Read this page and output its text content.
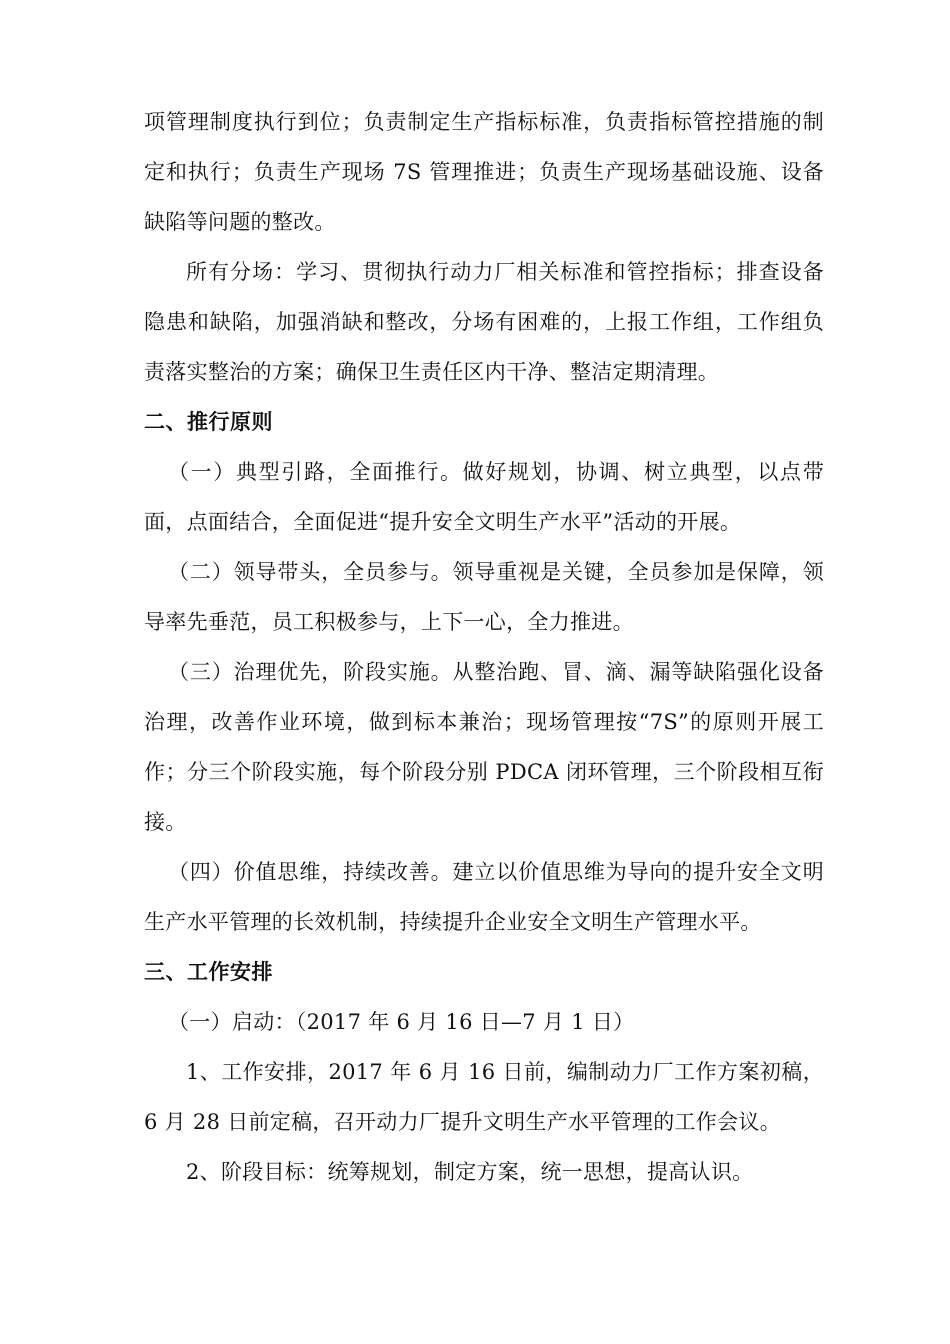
项管理制度执行到位；负责制定生产指标标准，负责指标管控措施的制定和执行；负责生产现场 7S 管理推进；负责生产现场基础设施、设备缺陷等问题的整改。

所有分场：学习、贯彻执行动力厂相关标准和管控指标；排查设备隐患和缺陷，加强消缺和整改，分场有困难的，上报工作组，工作组负责落实整治的方案；确保卫生责任区内干净、整洁定期清理。

二、推行原则

（一）典型引路，全面推行。做好规划，协调、树立典型，以点带面，点面结合，全面促进“提升安全文明生产水平”活动的开展。

（二）领导带头，全员参与。领导重视是关键，全员参加是保障，领导率先垂范，员工积极参与，上下一心，全力推进。

（三）治理优先，阶段实施。从整治跑、冒、滴、漏等缺陷强化设备治理，改善作业环境，做到标本兼治；现场管理按“7S”的原则开展工作；分三个阶段实施，每个阶段分别 PDCA 闭环管理，三个阶段相互衔接。

（四）价值思维，持续改善。建立以价值思维为导向的提升安全文明生产水平管理的长效机制，持续提升企业安全文明生产管理水平。

三、工作安排

（一）启动：（2017 年 6 月 16 日—7 月 1 日）

1、工作安排，2017 年 6 月 16 日前，编制动力厂工作方案初稿，6 月 28 日前定稿，召开动力厂提升文明生产水平管理的工作会议。

2、阶段目标：统筹规划，制定方案，统一思想，提高认识。
